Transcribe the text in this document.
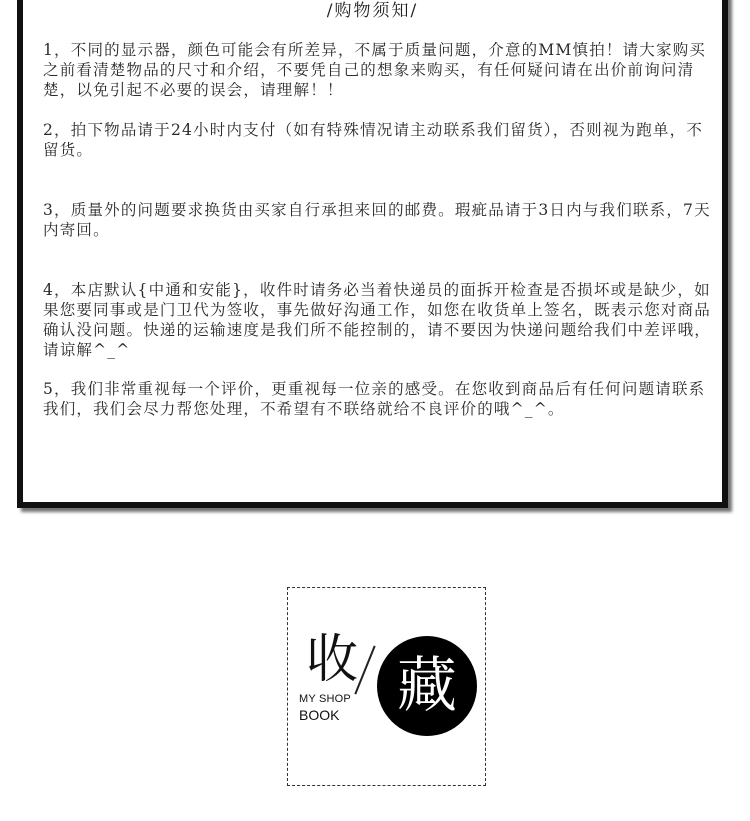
/购物须知/

1，不同的显示器，颜色可能会有所差异，不属于质量问题，介意的MM慎拍！请大家购买之前看清楚物品的尺寸和介绍，不要凭自己的想象来购买，有任何疑问请在出价前询问清楚，以免引起不必要的误会，请理解！！

2，拍下物品请于24小时内支付（如有特殊情况请主动联系我们留货），否则视为跑单，不留货。

3，质量外的问题要求换货由买家自行承担来回的邮费。瑕疵品请于3日内与我们联系，7天内寄回。

4，本店默认{中通和安能}，收件时请务必当着快递员的面拆开检查是否损坏或是缺少，如果您要同事或是门卫代为签收，事先做好沟通工作，如您在收货单上签名，既表示您对商品确认没问题。快递的运输速度是我们所不能控制的，请不要因为快递问题给我们中差评哦，请谅解^_^

5，我们非常重视每一个评价，更重视每一位亲的感受。在您收到商品后有任何问题请联系我们，我们会尽力帮您处理，不希望有不联络就给不良评价的哦^_^。

收
MY SHOP
BOOK 藏
